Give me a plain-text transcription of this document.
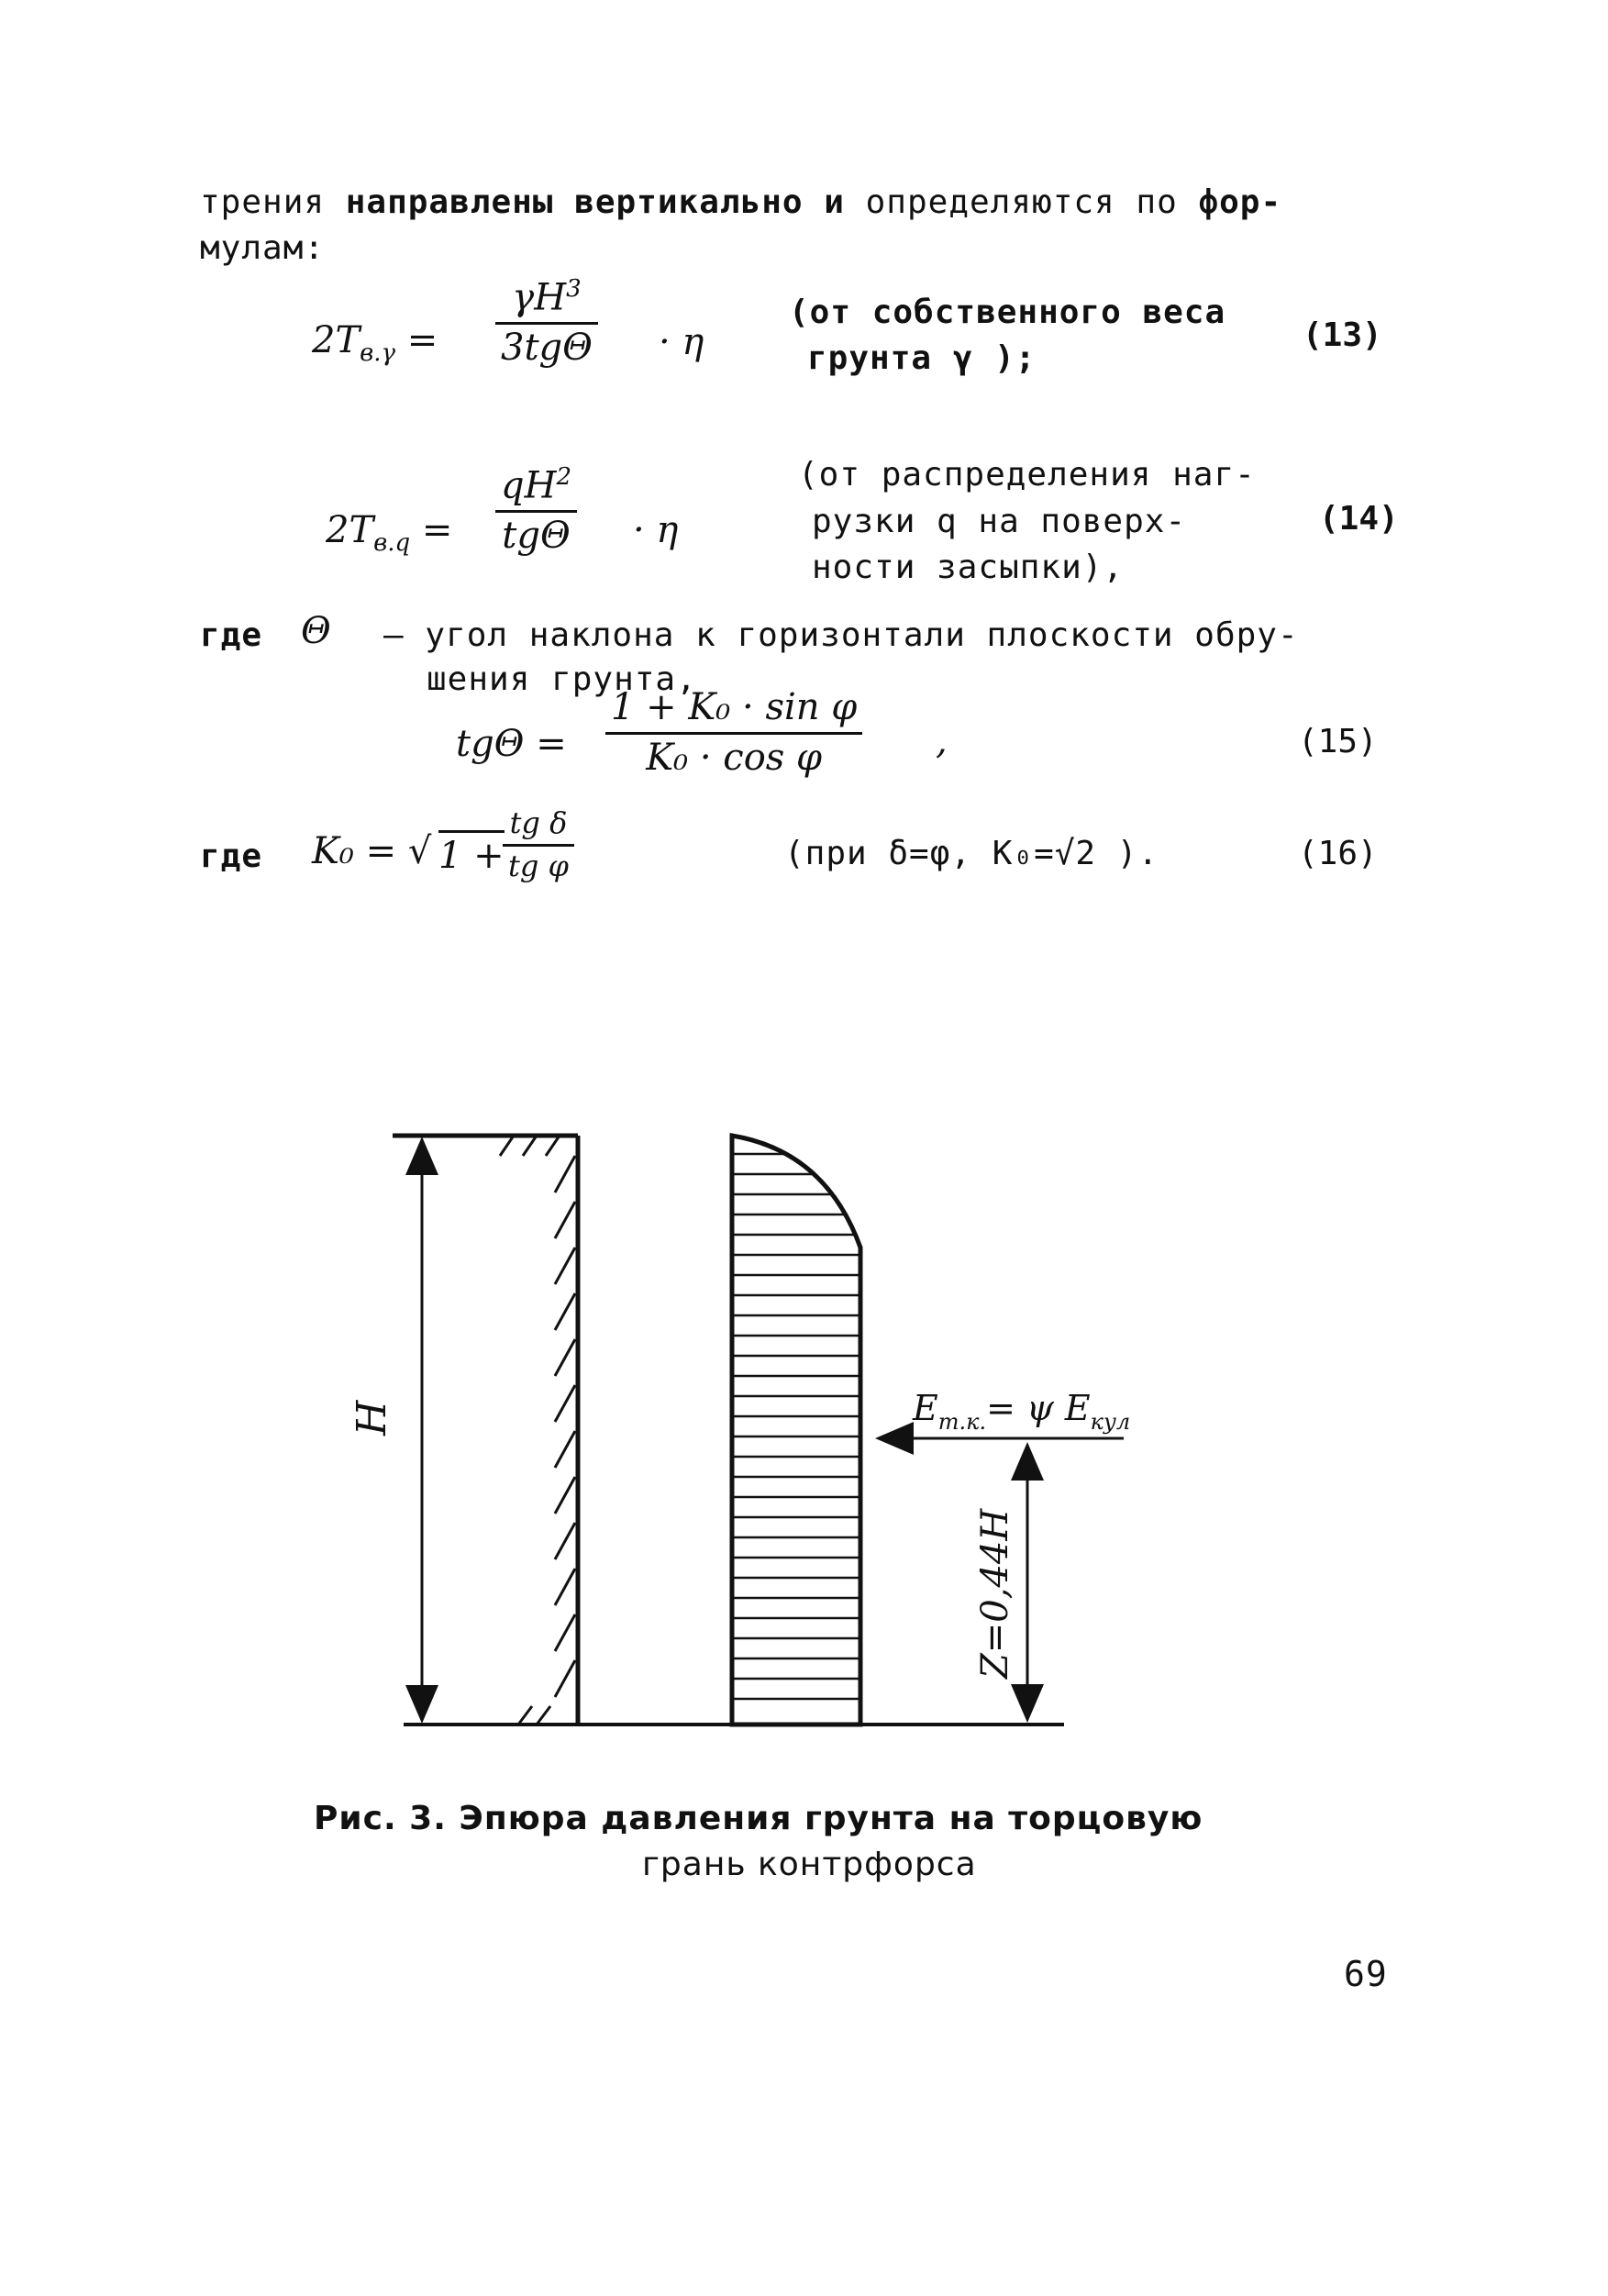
трения направлены вертикально и определяются по фор-
мулам:
$2T_{в.\gamma}$ =
$\gamma H^3$
3tgΘ · η
(от собственного веса
грунта γ );
(13)
$2T_{в.q}$ =
$qH^2$
tgΘ · η
(от распределения наг-
рузки q на поверх-
ности засыпки),
(14)
где Θ – угол наклона к горизонтали плоскости обру-
шения грунта,
$tg\Theta = \frac{\text{1 + K₀ · sin φ}}{\text{K₀ · cos φ}}$ ,	(15)
где K₀ = √ 1 +
$\frac{\text{tg δ}}{\text{tg φ}}$	(при δ=φ, K₀=√2 ).	(16)
H	$E_{т.к.}= \psi$ $E_{кул}$
Z=0,44H
Рис. 3. Эпюра давления грунта на торцовую
грань контрфорса
69
